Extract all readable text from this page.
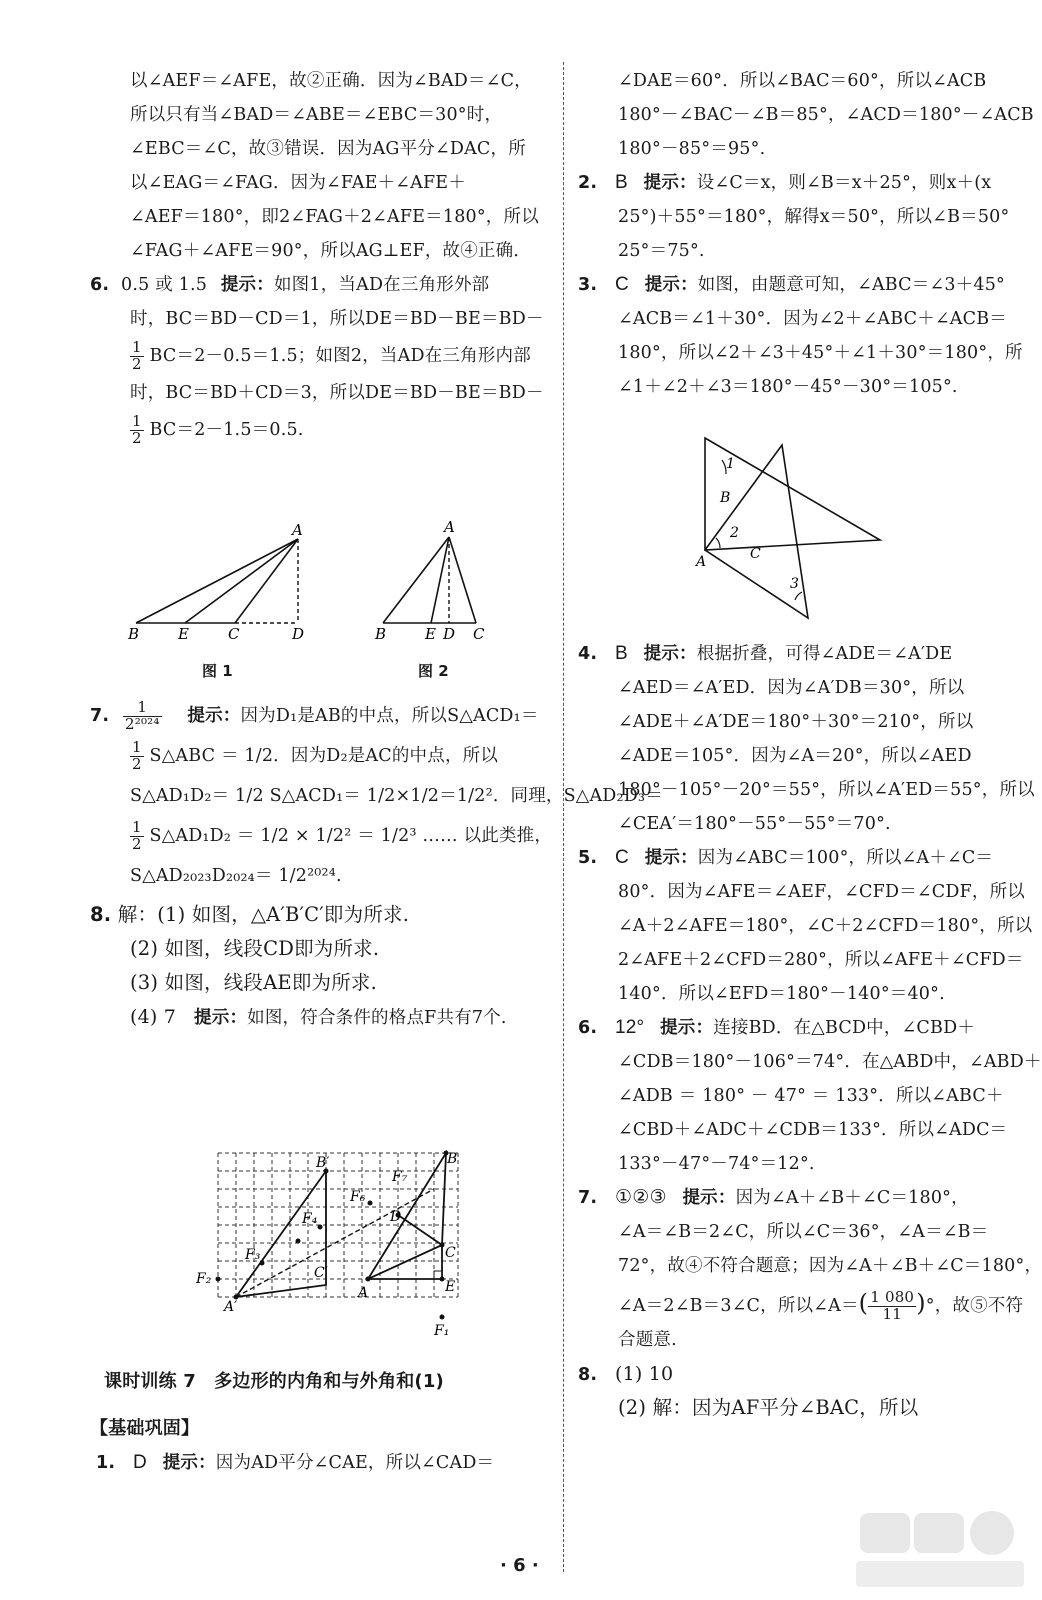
以∠AEF＝∠AFE，故②正确．因为∠BAD＝∠C，
所以只有当∠BAD＝∠ABE＝∠EBC＝30°时，
∠EBC＝∠C，故③错误．因为AG平分∠DAC，所
以∠EAG＝∠FAG．因为∠FAE＋∠AFE＋
∠AEF＝180°，即2∠FAG＋2∠AFE＝180°，所以
∠FAG＋∠AFE＝90°，所以AG⊥EF，故④正确．
6. 0.5 或 1.5 提示：如图1，当AD在三角形外部
时，BC＝BD－CD＝1，所以DE＝BD－BE＝BD－
$\frac{1}{2} BC=2-0.5=1.5$；如图2，当AD在三角形内部
时，BC＝BD＋CD＝3，所以DE＝BD－BE＝BD－
$\frac{1}{2} BC=2-1.5=0.5$.
A
B	E	C	D
图 1
A
B	E D C
图 2
7. $\frac{1}{\text{2²⁰²⁴}}$ 提示：因为D₁是AB的中点，所以S△ACD₁＝
$\frac{1}{2}$ S△ABC ＝ 1/2．因为D₂是AC的中点，所以
S△AD₁D₂＝ 1/2 S△ACD₁＝ 1/2×1/2＝1/2²．同理，S△AD₂D₃＝
$\frac{1}{2}$ S△AD₁D₂ ＝ 1/2 × 1/2² ＝ 1/2³ …… 以此类推，
S△AD₂₀₂₃D₂₀₂₄＝ 1/2²⁰²⁴.
8. 解：(1) 如图，△A′B′C′即为所求.
(2) 如图，线段CD即为所求.
(3) 如图，线段AE即为所求.
(4) 7 提示：如图，符合条件的格点F共有7个.
B′	B
A′
A
C
E
D
C′
F₂
F₁
F₃
F₄
F₆
F₇
课时训练 7　多边形的内角和与外角和(1)
【基础巩固】
1. D 提示：因为AD平分∠CAE，所以∠CAD＝
∠DAE＝60°．所以∠BAC＝60°，所以∠ACB
180°－∠BAC－∠B＝85°，∠ACD＝180°－∠ACB
180°－85°＝95°.
2. B 提示：设∠C＝x，则∠B＝x＋25°，则x＋(x
25°)＋55°＝180°，解得x＝50°，所以∠B＝50°
25°＝75°.
3. C 提示：如图，由题意可知，∠ABC＝∠3＋45°
∠ACB＝∠1＋30°．因为∠2＋∠ABC＋∠ACB＝
180°，所以∠2＋∠3＋45°＋∠1＋30°＝180°，所
∠1＋∠2＋∠3＝180°－45°－30°＝105°.
1
2
3
B
C
A
4. B 提示：根据折叠，可得∠ADE＝∠A′DE
∠AED＝∠A′ED．因为∠A′DB＝30°，所以
∠ADE＋∠A′DE＝180°＋30°＝210°，所以
∠ADE＝105°．因为∠A＝20°，所以∠AED
180°－105°－20°＝55°，所以∠A′ED＝55°，所以
∠CEA′＝180°－55°－55°＝70°.
5. C 提示：因为∠ABC＝100°，所以∠A＋∠C＝
80°．因为∠AFE＝∠AEF，∠CFD＝∠CDF，所以
∠A＋2∠AFE＝180°，∠C＋2∠CFD＝180°，所以
2∠AFE＋2∠CFD＝280°，所以∠AFE＋∠CFD＝
140°．所以∠EFD＝180°－140°＝40°.
6. 12° 提示：连接BD．在△BCD中，∠CBD＋
∠CDB＝180°－106°＝74°．在△ABD中，∠ABD＋
∠ADB ＝ 180° － 47° ＝ 133°．所以∠ABC＋
∠CBD＋∠ADC＋∠CDB＝133°．所以∠ADC＝
133°－47°－74°＝12°.
7. ①②③ 提示：因为∠A＋∠B＋∠C＝180°，
∠A＝∠B＝2∠C，所以∠C＝36°，∠A＝∠B＝
72°，故④不符合题意；因为∠A＋∠B＋∠C＝180°，
∠A＝2∠B＝3∠C，所以∠A＝( $\frac{1 080}{11}$ )°，故⑤不符
合题意.
8. (1) 10
(2) 解：因为AF平分∠BAC，所以
· 6 ·
